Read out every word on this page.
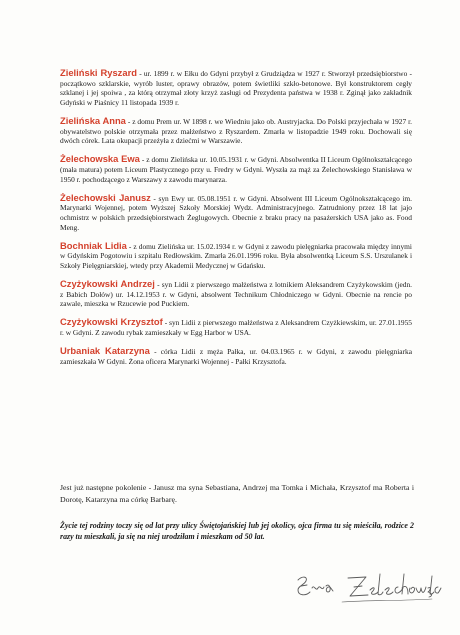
Zieliński Ryszard - ur. 1899 r. w Ełku do Gdyni przybył z Grudziądza w 1927 r. Stworzył przedsiębiorstwo - początkowo szklarskie, wyrób luster, oprawy obrazów, potem świetliki szkło-betonowe. Był konstruktorem cegły szklanej i jej spoiwa , za którą otrzymał złoty krzyż zasługi od Prezydenta państwa w 1938 r. Zginął jako zakładnik Gdyński w Piaśnicy 11 listopada 1939 r.

Zielińska Anna - z domu Prem ur. W 1898 r. we Wiedniu jako ob. Austryjacka. Do Polski przyjechała w 1927 r. obywatelstwo polskie otrzymała przez małżeństwo z Ryszardem. Zmarła w listopadzie 1949 roku. Dochowali się dwóch córek. Lata okupacji przeżyła z dziećmi w Warszawie.

Żelechowska Ewa - z domu Zielińska ur. 10.05.1931 r. w Gdyni. Absolwentka II Liceum Ogólnokształcącego (mała matura) potem Liceum Plastycznego przy u. Fredry w Gdyni. Wyszła za mąż za Żelechowskiego Stanisława w 1950 r. pochodzącego z Warszawy z zawodu marynarza.

Żelechowski Janusz - syn Ewy ur. 05.08.1951 r. w Gdyni. Absolwent III Liceum Ogólnokształcącego im. Marynarki Wojennej, potem Wyższej Szkoły Morskiej Wydz. Administracyjnego. Zatrudniony przez 18 lat jajo ochmistrz w polskich przedsiębiorstwach Żeglugowych. Obecnie z braku pracy na pasażerskich USA jako as. Food Meng.

Bochniak Lidia - z domu Zielińska ur. 15.02.1934 r. w Gdyni z zawodu pielęgniarka pracowała między innymi w Gdyńskim Pogotowiu i szpitalu Redłowskim. Zmarła 26.01.1996 roku. Była absolwentką Liceum S.S. Urszulanek i Szkoły Pielęgniarskiej, wtedy przy Akademii Medycznej w Gdańsku.

Czyżykowski Andrzej - syn Lidii z pierwszego małżeństwa z lotnikiem Aleksandrem Czyżykowskim (jedn. z Babich Dołów) ur. 14.12.1953 r. w Gdyni, absolwent Technikum Chłodniczego w Gdyni. Obecnie na rencie po zawale, mieszka w Rzucewie pod Puckiem.

Czyżykowski Krzysztof - syn Lidii z pierwszego małżeństwa z Aleksandrem Czyżkiewskim, ur. 27.01.1955 r. w Gdyni. Z zawodu rybak zamieszkały w Egg Harbor w USA.

Urbaniak Katarzyna - córka Lidii z męża Pałka, ur. 04.03.1965 r. w Gdyni, z zawodu pielęgniarka zamieszkała W Gdyni. Żona oficera Marynarki Wojennej - Pałki Krzysztofa.

Jest już następne pokolenie - Janusz ma syna Sebastiana, Andrzej ma Tomka i Michała, Krzysztof ma Roberta i Dorotę, Katarzyna ma córkę Barbarę.

Życie tej rodziny toczy się od lat przy ulicy Świętojańskiej lub jej okolicy, ojca firma tu się mieściła, rodzice 2 razy tu mieszkali, ja się na niej urodziłam i mieszkam od 50 lat.
